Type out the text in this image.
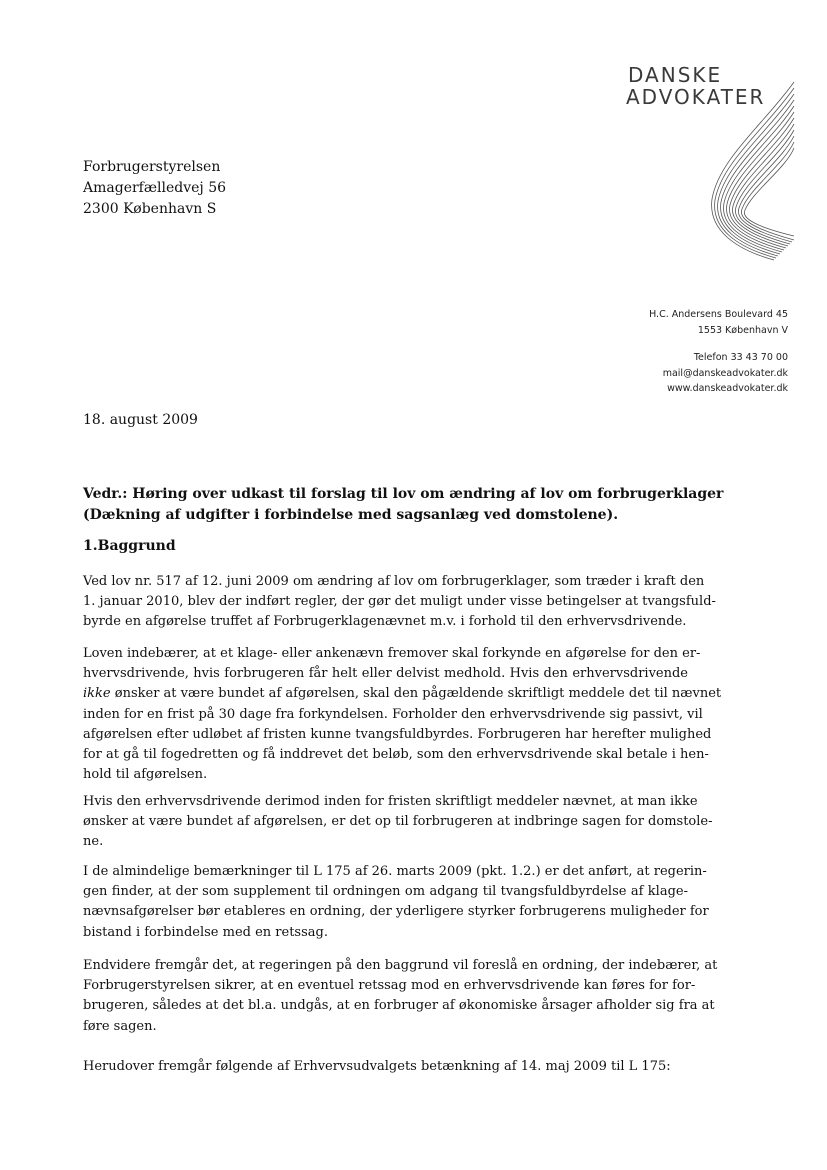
DANSKE
ADVOKATER
Forbrugerstyrelsen
Amagerfælledvej 56
2300 København S
H.C. Andersens Boulevard 45
1553 København V
Telefon 33 43 70 00
mail@danskeadvokater.dk
www.danskeadvokater.dk
18. august 2009
Vedr.: Høring over udkast til forslag til lov om ændring af lov om forbrugerklager
(Dækning af udgifter i forbindelse med sagsanlæg ved domstolene).
1.Baggrund
Ved lov nr. 517 af 12. juni 2009 om ændring af lov om forbrugerklager, som træder i kraft den
1. januar 2010, blev der indført regler, der gør det muligt under visse betingelser at tvangsfuld-
byrde en afgørelse truffet af Forbrugerklagenævnet m.v. i forhold til den erhvervsdrivende.
Loven indebærer, at et klage- eller ankenævn fremover skal forkynde en afgørelse for den er-
hvervsdrivende, hvis forbrugeren får helt eller delvist medhold. Hvis den erhvervsdrivende
ikke ønsker at være bundet af afgørelsen, skal den pågældende skriftligt meddele det til nævnet
inden for en frist på 30 dage fra forkyndelsen. Forholder den erhvervsdrivende sig passivt, vil
afgørelsen efter udløbet af fristen kunne tvangsfuldbyrdes. Forbrugeren har herefter mulighed
for at gå til fogedretten og få inddrevet det beløb, som den erhvervsdrivende skal betale i hen-
hold til afgørelsen.
Hvis den erhvervsdrivende derimod inden for fristen skriftligt meddeler nævnet, at man ikke
ønsker at være bundet af afgørelsen, er det op til forbrugeren at indbringe sagen for domstole-
ne.
I de almindelige bemærkninger til L 175 af 26. marts 2009 (pkt. 1.2.) er det anført, at regerin-
gen finder, at der som supplement til ordningen om adgang til tvangsfuldbyrdelse af klage-
nævnsafgørelser bør etableres en ordning, der yderligere styrker forbrugerens muligheder for
bistand i forbindelse med en retssag.
Endvidere fremgår det, at regeringen på den baggrund vil foreslå en ordning, der indebærer, at
Forbrugerstyrelsen sikrer, at en eventuel retssag mod en erhvervsdrivende kan føres for for-
brugeren, således at det bl.a. undgås, at en forbruger af økonomiske årsager afholder sig fra at
føre sagen.
Herudover fremgår følgende af Erhvervsudvalgets betænkning af 14. maj 2009 til L 175:
